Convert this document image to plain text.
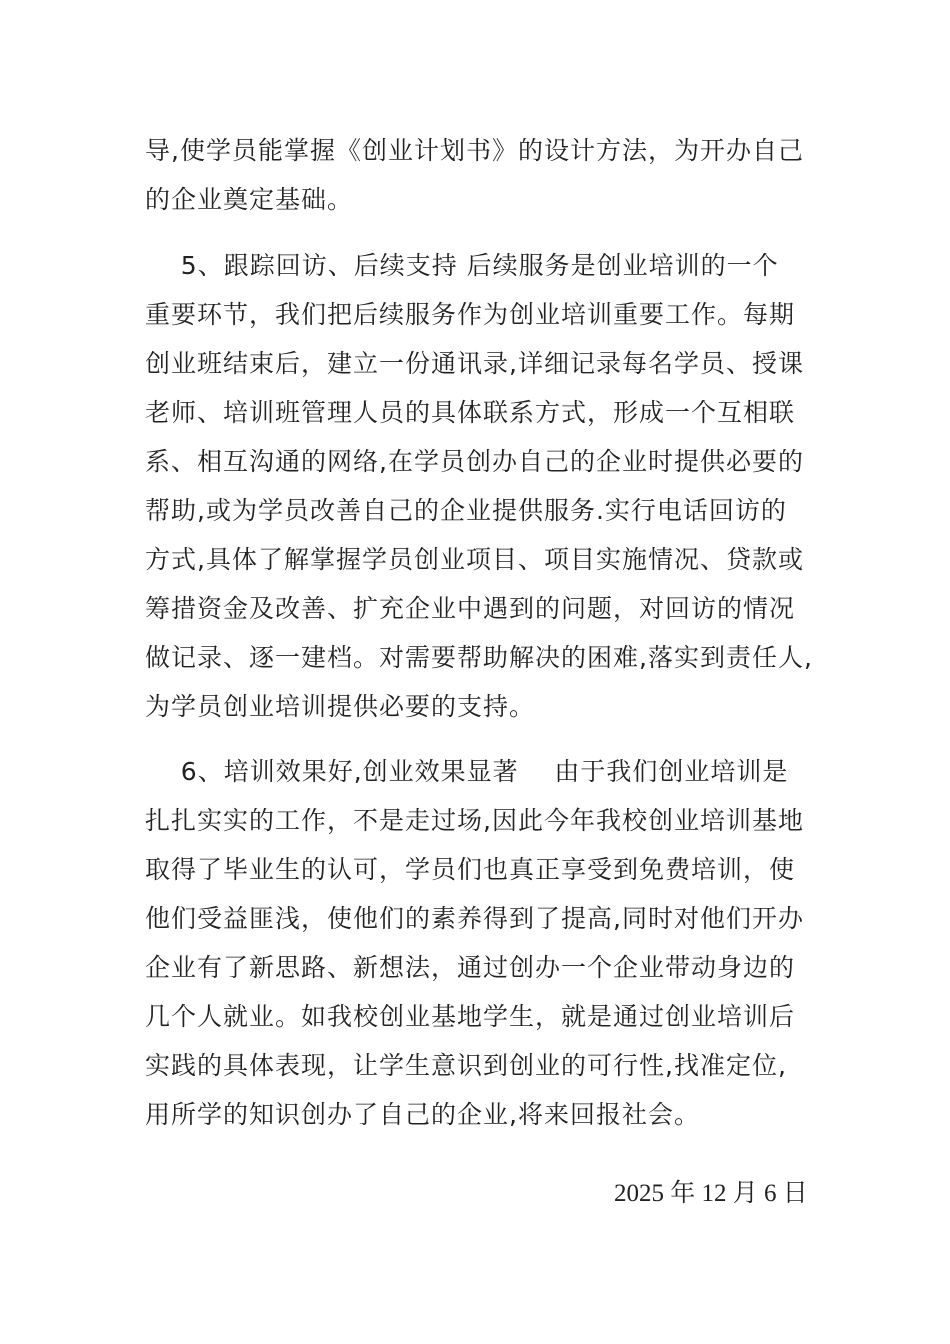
导,使学员能掌握《创业计划书》的设计方法，为开办自己
的企业奠定基础。
5、跟踪回访、后续支持 后续服务是创业培训的一个
重要环节，我们把后续服务作为创业培训重要工作。每期
创业班结束后，建立一份通讯录,详细记录每名学员、授课
老师、培训班管理人员的具体联系方式，形成一个互相联
系、相互沟通的网络,在学员创办自己的企业时提供必要的
帮助,或为学员改善自己的企业提供服务.实行电话回访的
方式,具体了解掌握学员创业项目、项目实施情况、贷款或
筹措资金及改善、扩充企业中遇到的问题，对回访的情况
做记录、逐一建档。对需要帮助解决的困难,落实到责任人,
为学员创业培训提供必要的支持。
6、培训效果好,创业效果显著    由于我们创业培训是
扎扎实实的工作，不是走过场,因此今年我校创业培训基地
取得了毕业生的认可，学员们也真正享受到免费培训，使
他们受益匪浅，使他们的素养得到了提高,同时对他们开办
企业有了新思路、新想法，通过创办一个企业带动身边的
几个人就业。如我校创业基地学生，就是通过创业培训后
实践的具体表现，让学生意识到创业的可行性,找准定位,
用所学的知识创办了自己的企业,将来回报社会。
2025 年 12 月 6 日
